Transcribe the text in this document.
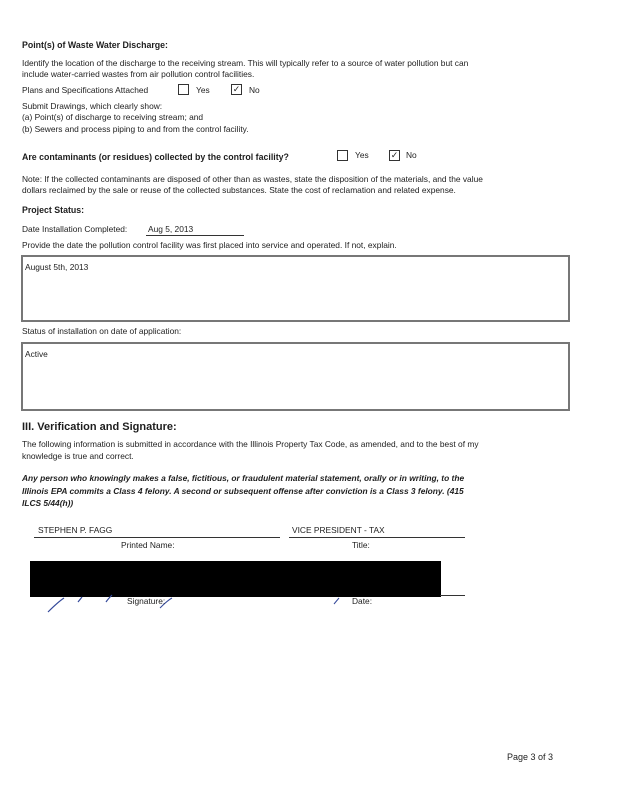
Point(s) of Waste Water Discharge:
Identify the location of the discharge to the receiving stream. This will typically refer to a source of water pollution but can
include water-carried wastes from air pollution control facilities.
Plans and Specifications Attached	Yes	✓ No
Submit Drawings, which clearly show:
(a) Point(s) of discharge to receiving stream; and
(b) Sewers and process piping to and from the control facility.
Are contaminants (or residues) collected by the control facility?	Yes ✓ No
Note: If the collected contaminants are disposed of other than as wastes, state the disposition of the materials, and the value
dollars reclaimed by the sale or reuse of the collected substances. State the cost of reclamation and related expense.
Project Status:
Date Installation Completed: Aug 5, 2013
Provide the date the pollution control facility was first placed into service and operated. If not, explain.
August 5th, 2013
Status of installation on date of application:
Active
III. Verification and Signature:
The following information is submitted in accordance with the Illinois Property Tax Code, as amended, and to the best of my
knowledge is true and correct.
Any person who knowingly makes a false, fictitious, or fraudulent material statement, orally or in writing, to the
Illinois EPA commits a Class 4 felony. A second or subsequent offense after conviction is a Class 3 felony. (415
ILCS 5/44(h))
STEPHEN P. FAGG
Printed Name:
VICE PRESIDENT - TAX
Title:
Signature:	Date:
Page 3 of 3
